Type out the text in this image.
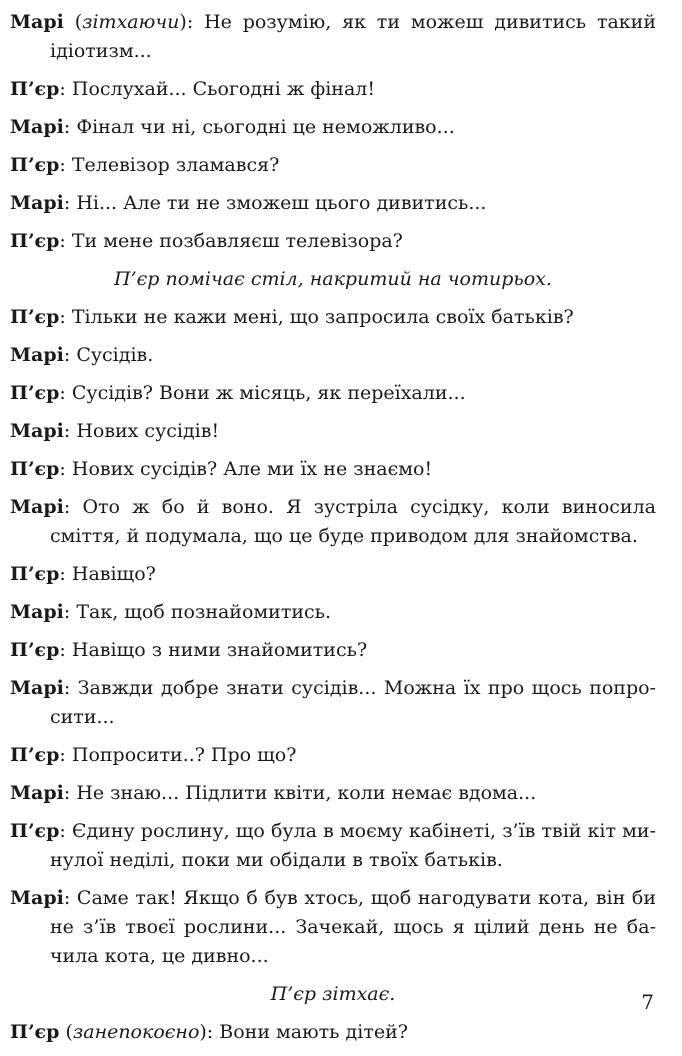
Марі (зітхаючи): Не розумію, як ти можеш дивитись такий ідіотизм...
П’єр: Послухай... Сьогодні ж фінал!
Марі: Фінал чи ні, сьогодні це неможливо...
П’єр: Телевізор зламався?
Марі: Ні... Але ти не зможеш цього дивитись...
П’єр: Ти мене позбавляєш телевізора?
П’єр помічає стіл, накритий на чотирьох.
П’єр: Тільки не кажи мені, що запросила своїх батьків?
Марі: Сусідів.
П’єр: Сусідів? Вони ж місяць, як переїхали...
Марі: Нових сусідів!
П’єр: Нових сусідів? Але ми їх не знаємо!
Марі: Ото ж бо й воно. Я зустріла сусідку, коли виносила сміття, й подумала, що це буде приводом для знайомства.
П’єр: Навіщо?
Марі: Так, щоб познайомитись.
П’єр: Навіщо з ними знайомитись?
Марі: Завжди добре знати сусідів... Можна їх про щось попро-сити...
П’єр: Попросити..? Про що?
Марі: Не знаю... Підлити квіти, коли немає вдома...
П’єр: Єдину рослину, що була в моєму кабінеті, з’їв твій кіт ми-нулої неділі, поки ми обідали в твоїх батьків.
Марі: Саме так! Якщо б був хтось, щоб нагодувати кота, він би не з’їв твоєї рослини... Зачекай, щось я цілий день не ба-чила кота, це дивно...
П’єр зітхає.
П’єр (занепокоєно): Вони мають дітей?
7
